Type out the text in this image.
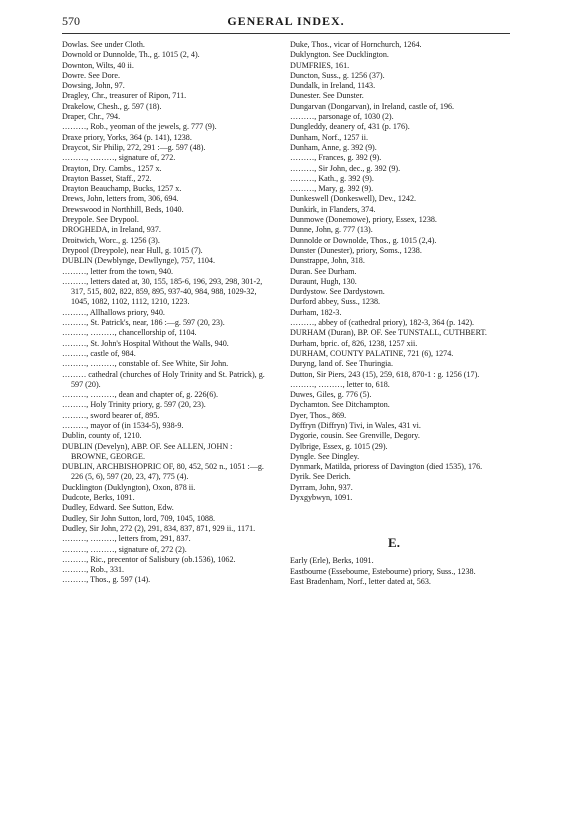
570	GENERAL INDEX.
Dowlas. See under Cloth.
Downold or Dunnolde, Th., g. 1015 (2, 4).
Downton, Wilts, 40 ii.
Dowre. See Dore.
Dowsing, John, 97.
Dragley, Chr., treasurer of Ripon, 711.
Drakelow, Chesh., g. 597 (18).
Draper, Chr., 794.
………, Rob., yeoman of the jewels, g. 777 (9).
Draxe priory, Yorks, 364 (p. 141), 1238.
Draycot, Sir Philip, 272, 291 :—g. 597 (48).
………, ………, signature of, 272.
Drayton, Dry. Cambs., 1257 x.
Drayton Basset, Staff., 272.
Drayton Beauchamp, Bucks, 1257 x.
Drews, John, letters from, 306, 694.
Drewswood in Northhill, Beds, 1040.
Dreypole. See Drypool.
DROGHEDA, in Ireland, 937.
Droitwich, Worc., g. 1256 (3).
Drypool (Dreypole), near Hull, g. 1015 (7).
DUBLIN (Dewblynge, Dewllynge), 757, 1104.
………, letter from the town, 940.
………, letters dated at, 30, 155, 185-6, 196, 293, 298, 301-2, 317, 515, 802, 822, 859, 895, 937-40, 984, 988, 1029-32, 1045, 1082, 1102, 1112, 1210, 1223.
………, Allhallows priory, 940.
………, St. Patrick's, near, 186 :—g. 597 (20, 23).
………, ………, chancellorship of, 1104.
………, St. John's Hospital Without the Walls, 940.
………, castle of, 984.
………, ………, constable of. See White, Sir John.
……… cathedral (churches of Holy Trinity and St. Patrick), g. 597 (20).
………, ………, dean and chapter of, g. 226(6).
………, Holy Trinity priory, g. 597 (20, 23).
………, sword bearer of, 895.
………, mayor of (in 1534-5), 938-9.
Dublin, county of, 1210.
DUBLIN (Develyn), ABP. OF. See ALLEN, JOHN : BROWNE, GEORGE.
DUBLIN, ARCHBISHOPRIC OF, 80, 452, 502 n., 1051 :—g. 226 (5, 6), 597 (20, 23, 47), 775 (4).
Ducklington (Duklyngton), Oxon, 878 ii.
Dudcote, Berks, 1091.
Dudley, Edward. See Sutton, Edw.
Dudley, Sir John Sutton, lord, 709, 1045, 1088.
Dudley, Sir John, 272 (2), 291, 834, 837, 871, 929 ii., 1171.
………, ………, letters from, 291, 837.
………, ………, signature of, 272 (2).
………, Ric., precentor of Salisbury (ob.1536), 1062.
………, Rob., 331.
………, Thos., g. 597 (14).
Duke, Thos., vicar of Hornchurch, 1264.
Duklyngton. See Ducklington.
DUMFRIES, 161.
Duncton, Suss., g. 1256 (37).
Dundalk, in Ireland, 1143.
Dunester. See Dunster.
Dungarvan (Dongarvan), in Ireland, castle of, 196.
………, parsonage of, 1030 (2).
Dungleddy, deanery of, 431 (p. 176).
Dunham, Norf., 1257 ii.
Dunham, Anne, g. 392 (9).
………, Frances, g. 392 (9).
………, Sir John, dec., g. 392 (9).
………, Kath., g. 392 (9).
………, Mary, g. 392 (9).
Dunkeswell (Donkeswell), Dev., 1242.
Dunkirk, in Flanders, 374.
Dunmowe (Donemowe), priory, Essex, 1238.
Dunne, John, g. 777 (13).
Dunnolde or Downolde, Thos., g. 1015 (2,4).
Dunster (Dunester), priory, Soms., 1238.
Dunstrappe, John, 318.
Duran. See Durham.
Duraunt, Hugh, 130.
Durdystow. See Dardystown.
Durford abbey, Suss., 1238.
Durham, 182-3.
………, abbey of (cathedral priory), 182-3, 364 (p. 142).
DURHAM (Duran), BP. OF. See TUNSTALL, CUTHBERT.
Durham, bpric. of, 826, 1238, 1257 xii.
DURHAM, COUNTY PALATINE, 721 (6), 1274.
Duryng, land of. See Thuringia.
Dutton, Sir Piers, 243 (15), 259, 618, 870-1 : g. 1256 (17).
………, ………, letter to, 618.
Duwes, Giles, g. 776 (5).
Dychamton. See Ditchampton.
Dyer, Thos., 869.
Dyffryn (Diffryn) Tivi, in Wales, 431 vi.
Dygorie, cousin. See Grenville, Degory.
Dylbrige, Essex, g. 1015 (29).
Dyngle. See Dingley.
Dynmark, Matilda, prioress of Davington (died 1535), 176.
Dyrik. See Derich.
Dyrram, John, 937.
Dyxgybwyn, 1091.
E.
Early (Erle), Berks, 1091.
Eastbourne (Esseboume, Estebourne) priory, Suss., 1238.
East Bradenham, Norf., letter dated at, 563.
